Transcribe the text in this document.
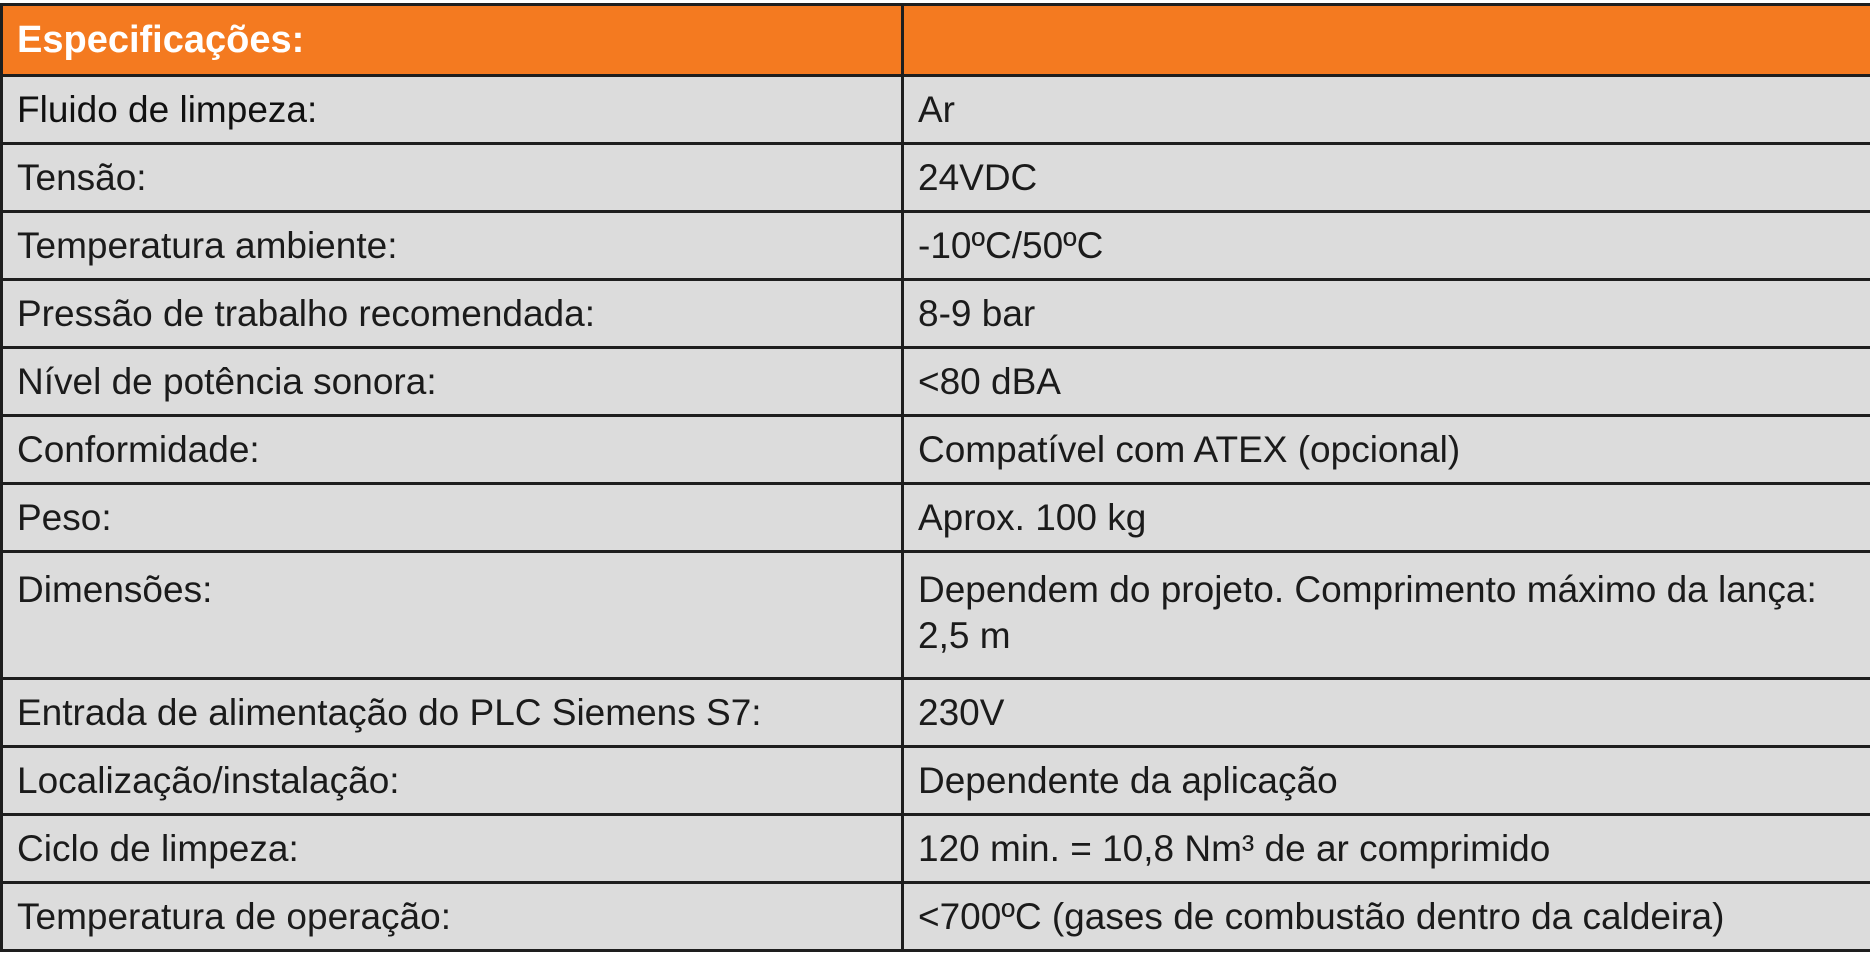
Especificações:	
Fluido de limpeza:	Ar
Tensão:	24VDC
Temperatura ambiente:	-10ºC/50ºC
Pressão de trabalho recomendada:	8-9 bar
Nível de potência sonora:	<80 dBA
Conformidade:	Compatível com ATEX (opcional)
Peso:	Aprox. 100 kg
Dimensões:	Dependem do projeto. Comprimento máximo da lança: 2,5 m
Entrada de alimentação do PLC Siemens S7:	230V
Localização/instalação:	Dependente da aplicação
Ciclo de limpeza:	120 min. = 10,8 Nm³ de ar comprimido
Temperatura de operação:	<700ºC (gases de combustão dentro da caldeira)
